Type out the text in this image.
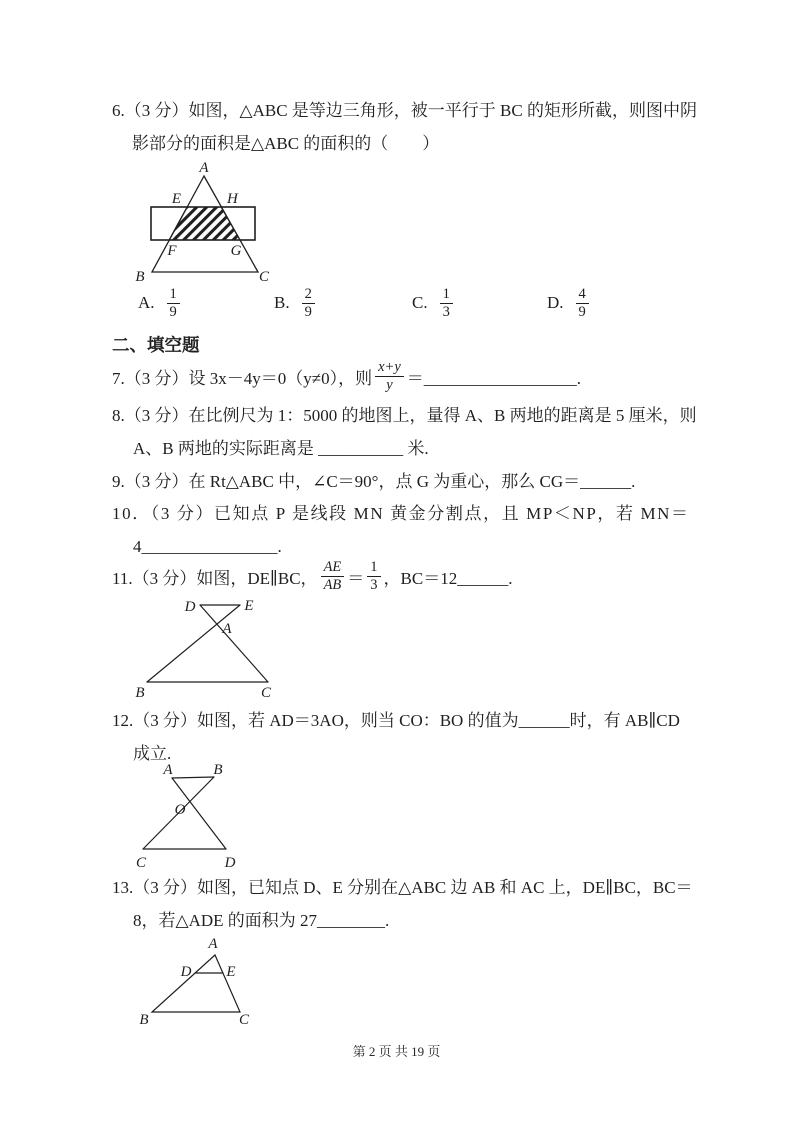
6.（3 分）如图，△ABC 是等边三角形，被一平行于 BC 的矩形所截，则图中阴
影部分的面积是△ABC 的面积的（　　）
A
E	H
F	G
B	C
A. $\frac{1}{9}$	B. $\frac{2}{9}$	C. $\frac{1}{3}$	D. $\frac{4}{9}$
二、填空题
7.（3 分）设 3x－4y＝0（y≠0），则 $\frac{x+y}{y}$ ＝__________________.
8.（3 分）在比例尺为 1：5000 的地图上，量得 A、B 两地的距离是 5 厘米，则
A、B 两地的实际距离是 __________ 米.
9.（3 分）在 Rt△ABC 中，∠C＝90°，点 G 为重心，那么 CG＝______.
10．（3 分）已知点 P 是线段 MN 黄金分割点，且 MP＜NP，若 MN＝
4________________.
11.（3 分）如图，DE∥BC， $\frac{AE}{AB} = \frac{1}{3}$ ，BC＝12______.
D	E
A
B	C
12.（3 分）如图，若 AD＝3AO，则当 CO：BO 的值为______时，有 AB∥CD
成立.
A	B
O
C	D
13.（3 分）如图，已知点 D、E 分别在△ABC 边 AB 和 AC 上，DE∥BC，BC＝
8，若△ADE 的面积为 27________.
A
D E
B	C
第 2 页 共 19 页
